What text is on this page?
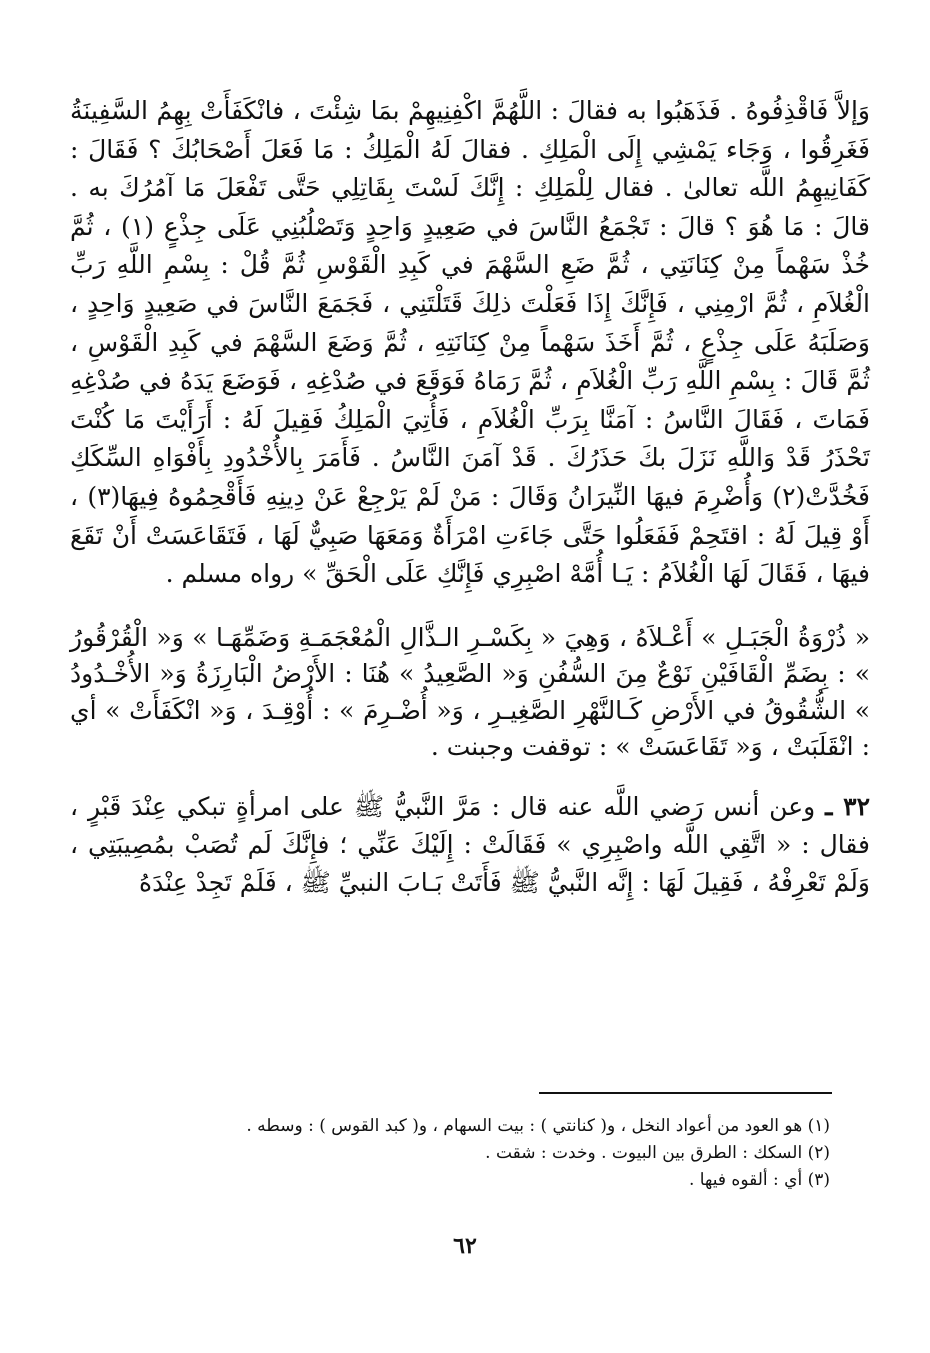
وَإلاَّ فَاقْذِفُوهُ . فَذَهَبُوا به فقالَ : اللَّهُمَّ اكْفِنِيهِمْ بمَا شِئْتَ ، فانْكَفَأَتْ بِهِمُ السَّفِينَةُ فَغَرِقُوا ، وَجَاء يَمْشِي إِلَى الْمَلِكِ . فقالَ لَهُ الْمَلِكُ : مَا فَعَلَ أَصْحَابُكَ ؟ فَقَالَ : كَفَانِيهِمُ اللَّه تعالىٰ . فقال لِلْمَلِكِ : إِنَّكَ لَسْتَ بِقَاتِلِي حَتَّى تَفْعَلَ مَا آمُرُكَ به . قالَ : مَا هُوَ ؟ قالَ : تَجْمَعُ النَّاسَ في صَعِيدٍ وَاحِدٍ وَتَصْلُبُنِي عَلَى جِذْعٍ (١) ، ثُمَّ خُذْ سَهْماً مِنْ كِنَانَتِي ، ثُمَّ ضَعِ السَّهْمَ في كَبِدِ الْقَوْسِ ثُمَّ قُلْ : بِسْمِ اللَّهِ رَبِّ الْغُلاَمِ ، ثُمَّ ارْمِنِي ، فَإِنَّكَ إِذَا فَعَلْتَ ذلِكَ قَتَلْتَنِي ، فَجَمَعَ النَّاسَ في صَعِيدٍ وَاحِدٍ ، وَصَلَبَهُ عَلَى جِذْعٍ ، ثُمَّ أَخَذَ سَهْماً مِنْ كِنَانَتِهِ ، ثُمَّ وَضَعَ السَّهْمَ في كَبِدِ الْقَوْسِ ، ثُمَّ قَالَ : بِسْمِ اللَّهِ رَبِّ الْغُلاَمِ ، ثُمَّ رَمَاهُ فَوَقَعَ في صُدْغِهِ ، فَوَضَعَ يَدَهُ في صُدْغِهِ فَمَاتَ ، فَقَالَ النَّاسُ : آمَنَّا بِرَبِّ الْغُلاَمِ ، فَأُتِيَ الْمَلِكُ فَقِيلَ لَهُ : أَرَأَيْتَ مَا كُنْتَ تَحْذَرُ قَدْ وَاللَّهِ نَزَلَ بكَ حَذَرُكَ . قَدْ آمَنَ النَّاسُ . فَأَمَرَ بِالأُخْدُودِ بِأَفْوَاهِ السِّكَكِ فَخُدَّتْ(٢) وَأُضْرِمَ فيهَا النِّيرَانُ وَقَالَ : مَنْ لَمْ يَرْجِعْ عَنْ دِينِهِ فَأَقْحِمُوهُ فِيهَا(٣) ، أَوْ قِيلَ لَهُ : اقتَحِمْ فَفَعَلُوا حَتَّى جَاءَتِ امْرَأَةٌ وَمَعَهَا صَبِيٌّ لَهَا ، فَتَقَاعَسَتْ أَنْ تَقَعَ فيهَا ، فَقَالَ لَهَا الْغُلاَمُ : يَـا أُمَّهْ اصْبِرِي فَإِنَّكِ عَلَى الْحَقِّ » رواه مسلم .

« ذُرْوَةُ الْجَبَـلِ » أَعْـلاَهُ ، وَهِيَ « بِكَسْـرِ الـذَّالِ الْمُعْجَمَـةِ وَضَمِّهَـا » وَ« الْقُرْقُورُ » : بِضَمِّ الْقَافَيْنِ نَوْعٌ مِنَ السُّفُنِ وَ« الصَّعِيدُ » هُنَا : الأَرْضُ الْبَارِزَةُ وَ« الأُخْـدُودُ » الشُّقُوقُ في الأَرْضِ كَـالنَّهْرِ الصَّغِيـرِ ، وَ« أُضْـرِمَ » : أُوْقِـدَ ، وَ« انْكَفَأَتْ » أي : انْقَلَبَتْ ، وَ« تَقَاعَسَتْ » : توقفت وجبنت .

٣٢ ـ وعن أنس رَضي اللَّه عنه قال : مَرَّ النَّبيُّ ﷺ على امرأةٍ تبكي عِنْدَ قَبْرٍ ، فقال : « اتَّقِي اللَّه واصْبِرِي » فَقَالَتْ : إِلَيْكَ عَنِّي ؛ فإِنَّكَ لَم تُصَبْ بمُصِيبَتِي ، وَلَمْ تَعْرِفْهُ ، فَقِيلَ لَهَا : إِنَّه النَّبيُّ ﷺ فَأَتَتْ بَـابَ النبيِّ ﷺ ، فَلَمْ تَجِدْ عِنْدَهُ

(١) هو العود من أعواد النخل ، و( كنانتي ) : بيت السهام ، و( كبد القوس ) : وسطه .

(٢) السكك : الطرق بين البيوت . وخدت : شقت .

(٣) أي : ألقوه فيها .

٦٢
